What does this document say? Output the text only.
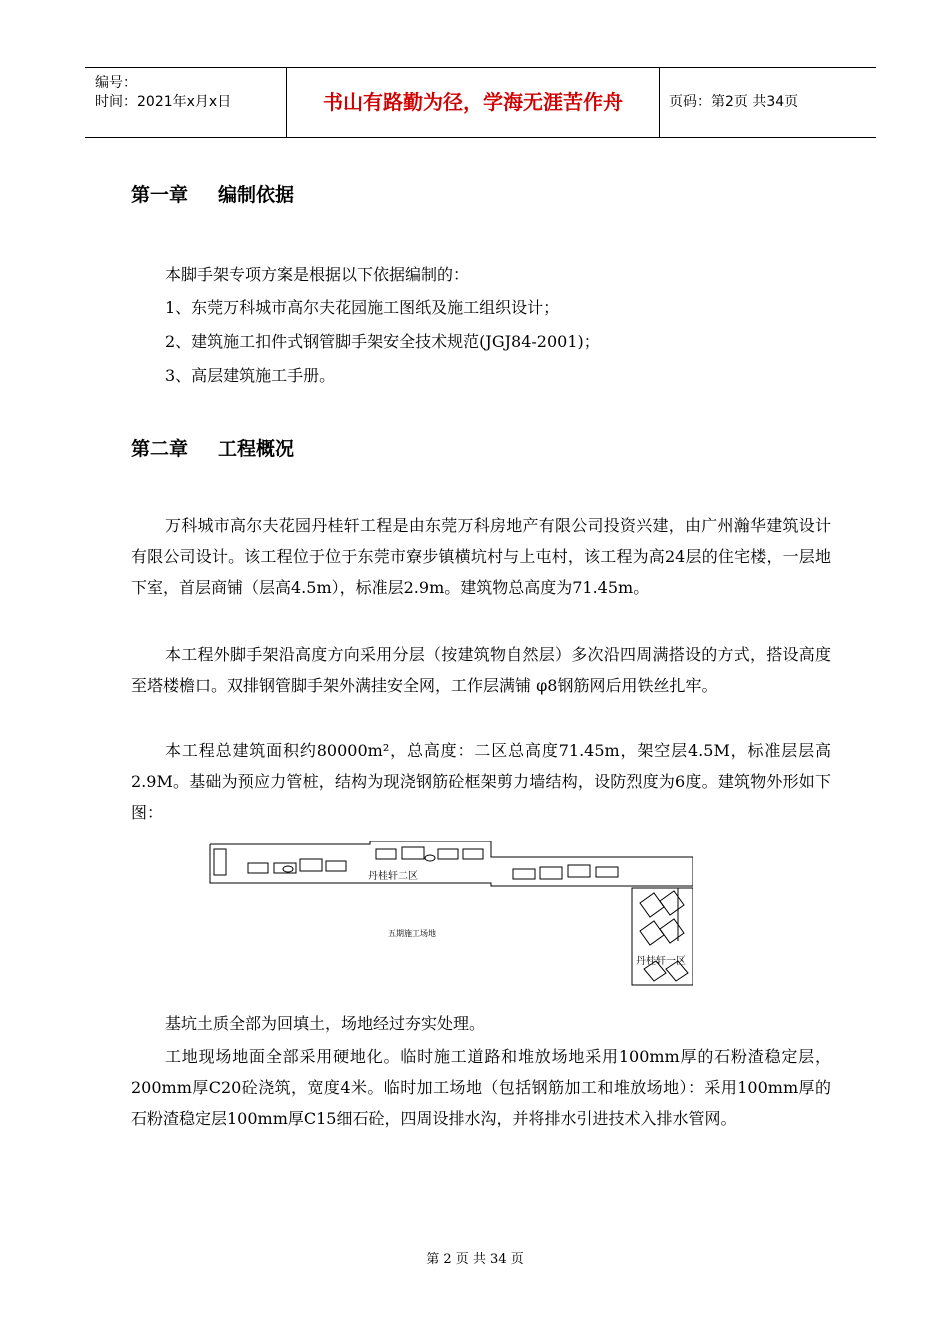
编号：
时间：2021年x月x日	书山有路勤为径，学海无涯苦作舟	页码：第2页 共34页
第一章 编制依据
本脚手架专项方案是根据以下依据编制的：
1、东莞万科城市高尔夫花园施工图纸及施工组织设计；
2、建筑施工扣件式钢管脚手架安全技术规范(JGJ84-2001)；
3、高层建筑施工手册。
第二章 工程概况
万科城市高尔夫花园丹桂轩工程是由东莞万科房地产有限公司投资兴建，由广州瀚华建筑设计有限公司设计。该工程位于位于东莞市寮步镇横坑村与上屯村，该工程为高24层的住宅楼，一层地下室，首层商铺（层高4.5m），标准层2.9m。建筑物总高度为71.45m。
本工程外脚手架沿高度方向采用分层（按建筑物自然层）多次沿四周满搭设的方式，搭设高度至塔楼檐口。双排钢管脚手架外满挂安全网，工作层满铺 φ8钢筋网后用铁丝扎牢。
本工程总建筑面积约80000m²，总高度：二区总高度71.45m，架空层4.5M，标准层层高2.9M。基础为预应力管桩，结构为现浇钢筋砼框架剪力墙结构，设防烈度为6度。建筑物外形如下图：
丹桂轩二区
五期施工场地
丹桂轩一区
基坑土质全部为回填土，场地经过夯实处理。
工地现场地面全部采用硬地化。临时施工道路和堆放场地采用100mm厚的石粉渣稳定层，200mm厚C20砼浇筑，宽度4米。临时加工场地（包括钢筋加工和堆放场地）：采用100mm厚的石粉渣稳定层100mm厚C15细石砼，四周设排水沟，并将排水引进技术入排水管网。
第 2 页 共 34 页
